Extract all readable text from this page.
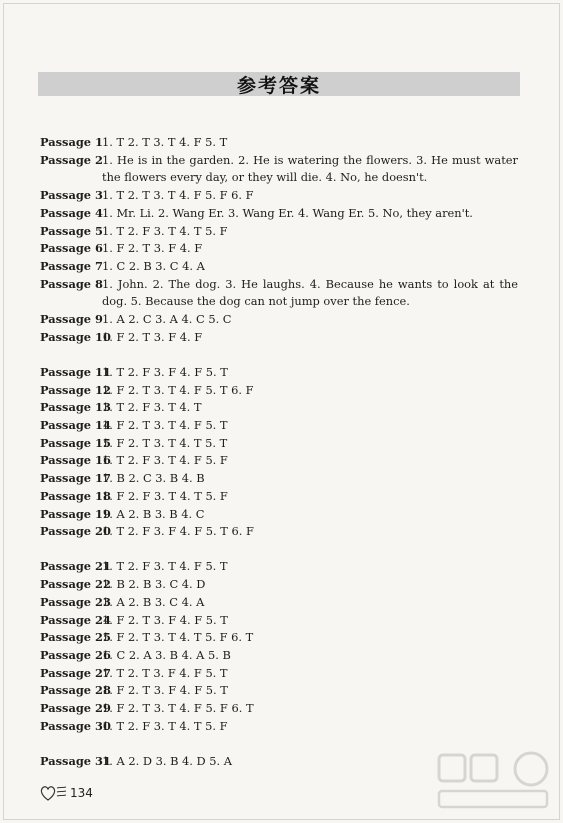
参考答案
Passage 1 1. T 2. T 3. T 4. F 5. T
Passage 2 1. He is in the garden. 2. He is watering the flowers. 3. He must water the flowers every day, or they will die. 4. No, he doesn't.
Passage 3 1. T 2. T 3. T 4. F 5. F 6. F
Passage 4 1. Mr. Li. 2. Wang Er. 3. Wang Er. 4. Wang Er. 5. No, they aren't.
Passage 5 1. T 2. F 3. T 4. T 5. F
Passage 6 1. F 2. T 3. F 4. F
Passage 7 1. C 2. B 3. C 4. A
Passage 8 1. John. 2. The dog. 3. He laughs. 4. Because he wants to look at the dog. 5. Because the dog can not jump over the fence.
Passage 9 1. A 2. C 3. A 4. C 5. C
Passage 10
1. F 2. T 3. F 4. F
Passage 11
1. T 2. F 3. F 4. F 5. T
Passage 12
1. F 2. T 3. T 4. F 5. T 6. F
Passage 13
1. T 2. F 3. T 4. T
Passage 14
1. F 2. T 3. T 4. F 5. T
Passage 15
1. F 2. T 3. T 4. T 5. T
Passage 16
1. T 2. F 3. T 4. F 5. F
Passage 17
1. B 2. C 3. B 4. B
Passage 18
1. F 2. F 3. T 4. T 5. F
Passage 19
1. A 2. B 3. B 4. C
Passage 20
1. T 2. F 3. F 4. F 5. T 6. F
Passage 21
1. T 2. F 3. T 4. F 5. T
Passage 22
1. B 2. B 3. C 4. D
Passage 23
1. A 2. B 3. C 4. A
Passage 24
1. F 2. T 3. F 4. F 5. T
Passage 25
1. F 2. T 3. T 4. T 5. F 6. T
Passage 26
1. C 2. A 3. B 4. A 5. B
Passage 27
1. T 2. T 3. F 4. F 5. T
Passage 28
1. F 2. T 3. F 4. F 5. T
Passage 29
1. F 2. T 3. T 4. F 5. F 6. T
Passage 30
1. T 2. F 3. T 4. T 5. F
Passage 31
1. A 2. D 3. B 4. D 5. A
134
